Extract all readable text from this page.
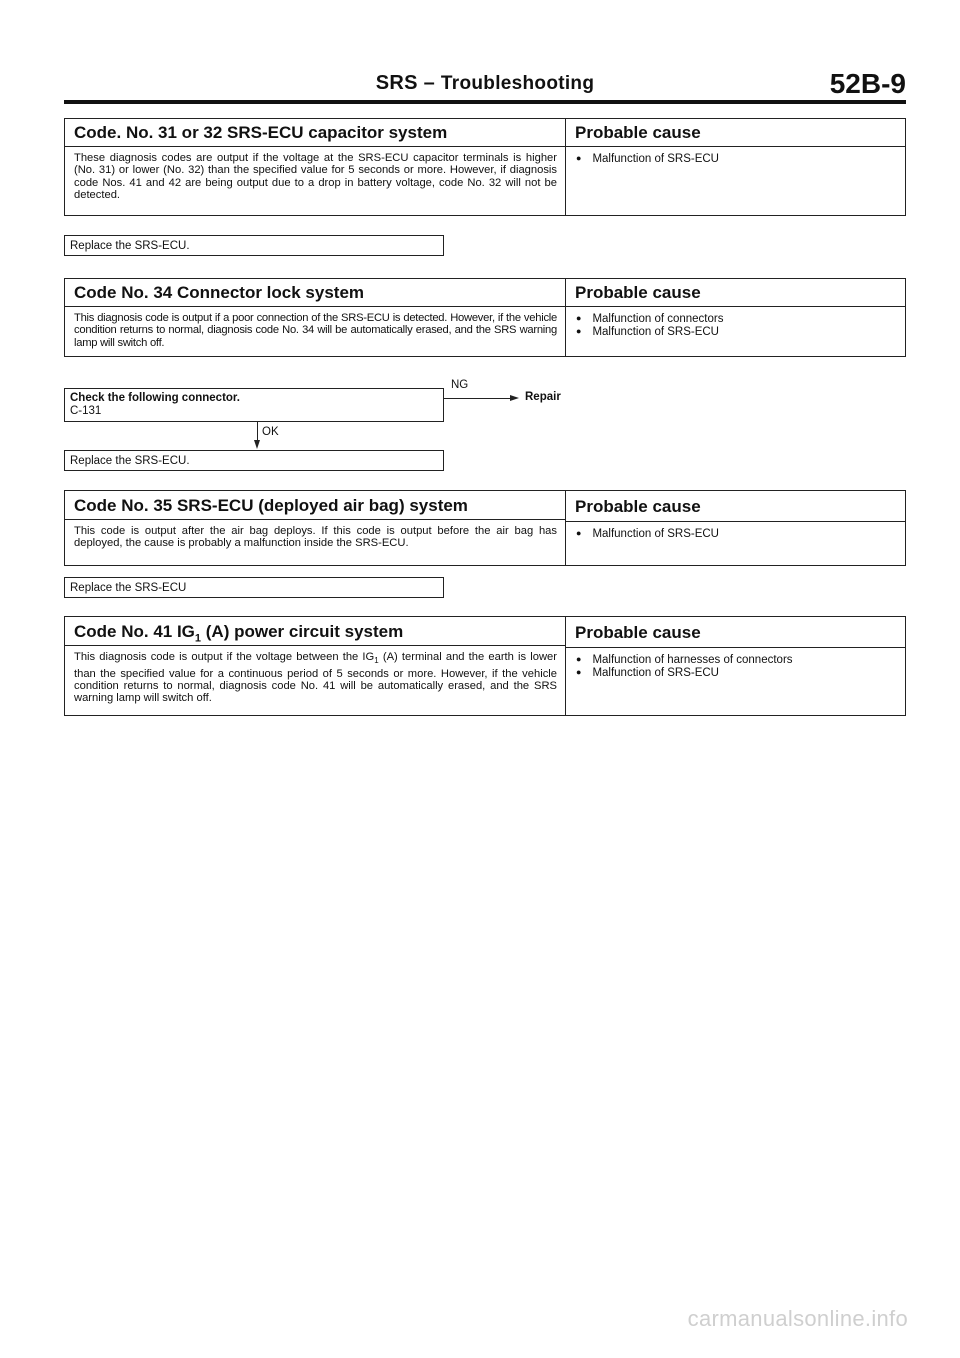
SRS – Troubleshooting	52B-9
Code. No. 31 or 32 SRS-ECU capacitor system
These diagnosis codes are output if the voltage at the SRS-ECU capacitor terminals is higher (No. 31) or lower (No. 32) than the specified value for 5 seconds or more. However, if diagnosis code Nos. 41 and 42 are being output due to a drop in battery voltage, code No. 32 will not be detected.
Probable cause
● Malfunction of SRS-ECU
Replace the SRS-ECU.
Code No. 34 Connector lock system
This diagnosis code is output if a poor connection of the SRS-ECU is detected. However, if the vehicle condition returns to normal, diagnosis code No. 34 will be automatically erased, and the SRS warning lamp will switch off.
Probable cause
● Malfunction of connectors
● Malfunction of SRS-ECU
Check the following connector.
C-131
NG
Repair
OK
Replace the SRS-ECU.
Code No. 35 SRS-ECU (deployed air bag) system
This code is output after the air bag deploys. If this code is output before the air bag has deployed, the cause is probably a malfunction inside the SRS-ECU.
Probable cause
● Malfunction of SRS-ECU
Replace the SRS-ECU
Code No. 41 $IG_1$ (A) power circuit system
This diagnosis code is output if the voltage between the $IG_1$ (A) terminal and the earth is lower than the specified value for a continuous period of 5 seconds or more. However, if the vehicle condition returns to normal, diagnosis code No. 41 will be automatically erased, and the SRS warning lamp will switch off.
Probable cause
● Malfunction of harnesses of connectors
● Malfunction of SRS-ECU
carmanualsonline.info
